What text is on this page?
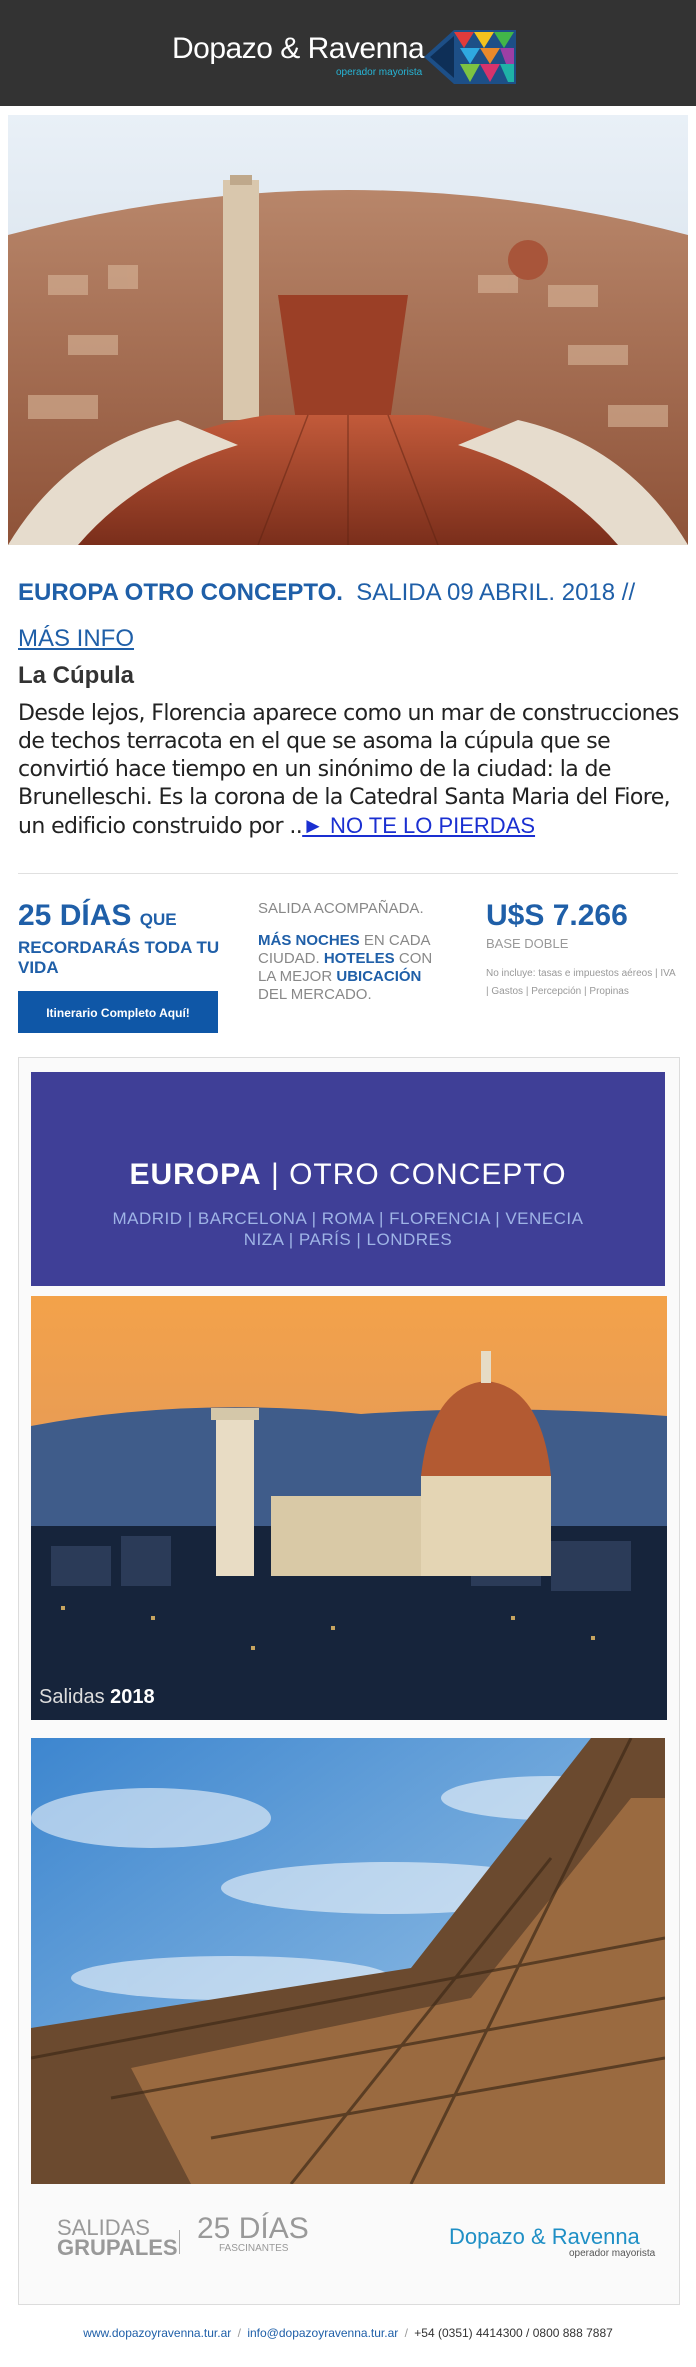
Dopazo & Ravenna
operador mayorista
EUROPA OTRO CONCEPTO. SALIDA 09 ABRIL. 2018 // MÁS INFO
La Cúpula
Desde lejos, Florencia aparece como un mar de construcciones de techos terracota en el que se asoma la cúpula que se convirtió hace tiempo en un sinónimo de la ciudad: la de Brunelleschi. Es la corona de la Catedral Santa Maria del Fiore, un edificio construido por ..► NO TE LO PIERDAS
25 DÍAS QUE
RECORDARÁS TODA TU VIDA
Itinerario Completo Aquí!
SALIDA ACOMPAÑADA.
MÁS NOCHES EN CADA CIUDAD. HOTELES CON LA MEJOR UBICACIÓN DEL MERCADO.
U$S 7.266
BASE DOBLE
No incluye: tasas e impuestos aéreos | IVA | Gastos | Percepción | Propinas
EUROPA | OTRO CONCEPTO
MADRID | BARCELONA | ROMA | FLORENCIA | VENECIA
NIZA | PARÍS | LONDRES
Salidas 2018
SALIDAS
GRUPALES
25 DÍAS
FASCINANTES	Dopazo & Ravenna
operador mayorista
www.dopazoyravenna.tur.ar / info@dopazoyravenna.tur.ar / +54 (0351) 4414300 / 0800 888 7887
